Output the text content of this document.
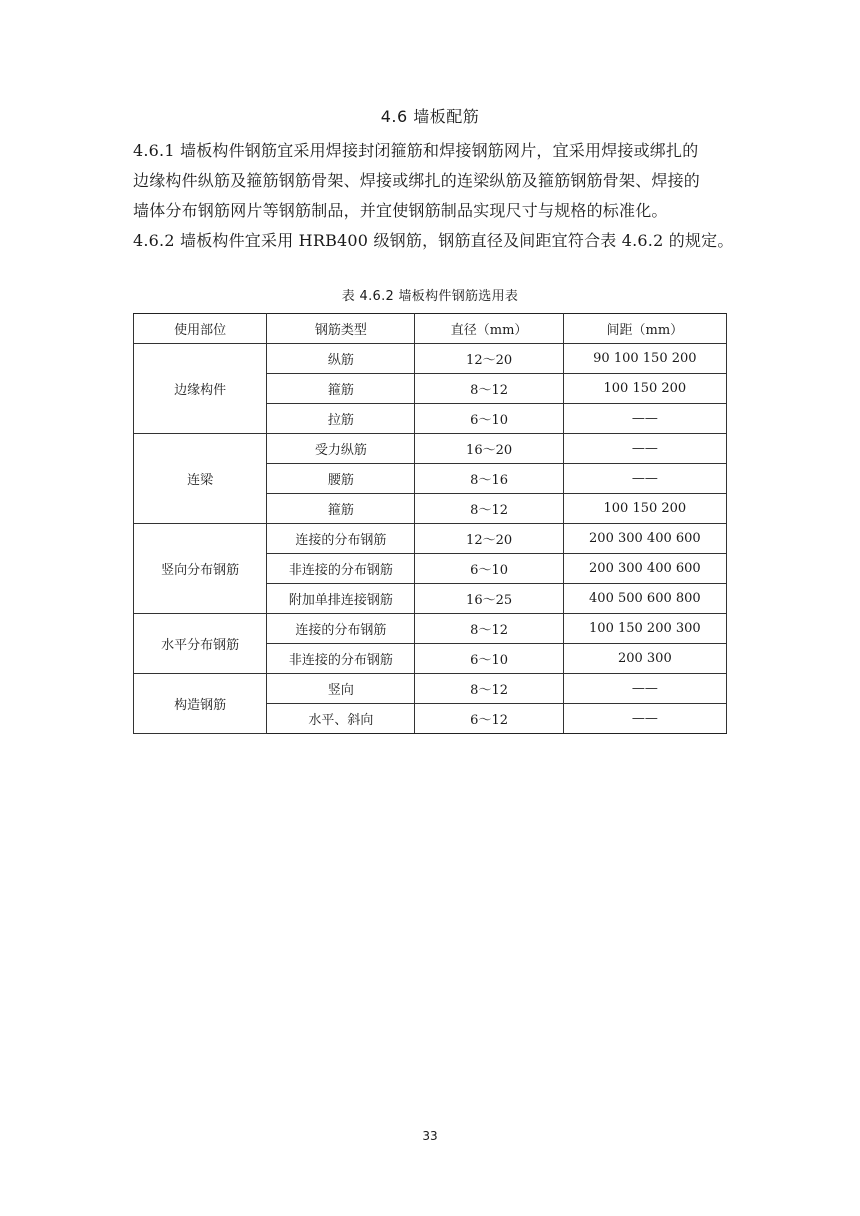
4.6 墙板配筋
4.6.1 墙板构件钢筋宜采用焊接封闭箍筋和焊接钢筋网片，宜采用焊接或绑扎的
边缘构件纵筋及箍筋钢筋骨架、焊接或绑扎的连梁纵筋及箍筋钢筋骨架、焊接的
墙体分布钢筋网片等钢筋制品，并宜使钢筋制品实现尺寸与规格的标准化。
4.6.2 墙板构件宜采用 HRB400 级钢筋，钢筋直径及间距宜符合表 4.6.2 的规定。
表 4.6.2 墙板构件钢筋选用表
使用部位	钢筋类型	直径（mm）	间距（mm）
边缘构件	纵筋	12～20	90 100 150 200
	箍筋	8～12	100 150 200
	拉筋	6～10	——
连梁	受力纵筋	16～20	——
	腰筋	8～16	——
	箍筋	8～12	100 150 200
竖向分布钢筋	连接的分布钢筋	12～20	200 300 400 600
	非连接的分布钢筋	6～10	200 300 400 600
	附加单排连接钢筋	16～25	400 500 600 800
水平分布钢筋	连接的分布钢筋	8～12	100 150 200 300
	非连接的分布钢筋	6～10	200 300
构造钢筋	竖向	8～12	——
	水平、斜向	6～12	——
33
